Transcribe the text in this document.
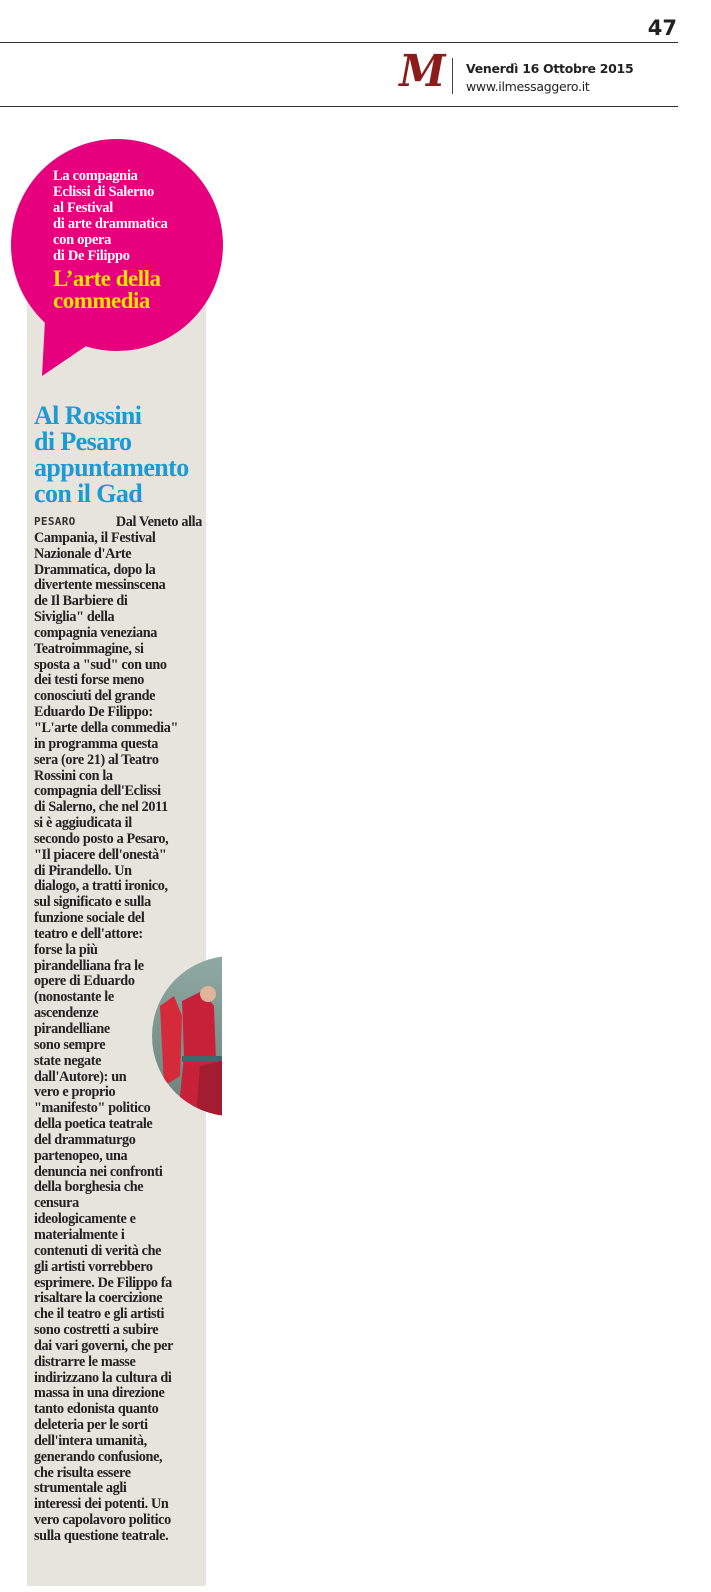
47
M Venerdì 16 Ottobre 2015
www.ilmessaggero.it
La compagnia
Eclissi di Salerno
al Festival
di arte drammatica
con opera
di De Filippo
L’arte della
commedia
Al Rossini
di Pesaro
appuntamento
con il Gad
PESARO	Dal Veneto alla
Campania, il Festival
Nazionale d'Arte
Drammatica, dopo la
divertente messinscena
de Il Barbiere di
Siviglia" della
compagnia veneziana
Teatroimmagine, si
sposta a "sud" con uno
dei testi forse meno
conosciuti del grande
Eduardo De Filippo:
"L'arte della commedia"
in programma questa
sera (ore 21) al Teatro
Rossini con la
compagnia dell'Eclissi
di Salerno, che nel 2011
si è aggiudicata il
secondo posto a Pesaro,
"Il piacere dell'onestà"
di Pirandello. Un
dialogo, a tratti ironico,
sul significato e sulla
funzione sociale del
teatro e dell'attore:
forse la più
pirandelliana fra le
opere di Eduardo
(nonostante le
ascendenze
pirandelliane
sono sempre
state negate
dall'Autore): un
vero e proprio
"manifesto" politico
della poetica teatrale
del drammaturgo
partenopeo, una
denuncia nei confronti
della borghesia che
censura
ideologicamente e
materialmente i
contenuti di verità che
gli artisti vorrebbero
esprimere. De Filippo fa
risaltare la coercizione
che il teatro e gli artisti
sono costretti a subire
dai vari governi, che per
distrarre le masse
indirizzano la cultura di
massa in una direzione
tanto edonista quanto
deleteria per le sorti
dell'intera umanità,
generando confusione,
che risulta essere
strumentale agli
interessi dei potenti. Un
vero capolavoro politico
sulla questione teatrale.
